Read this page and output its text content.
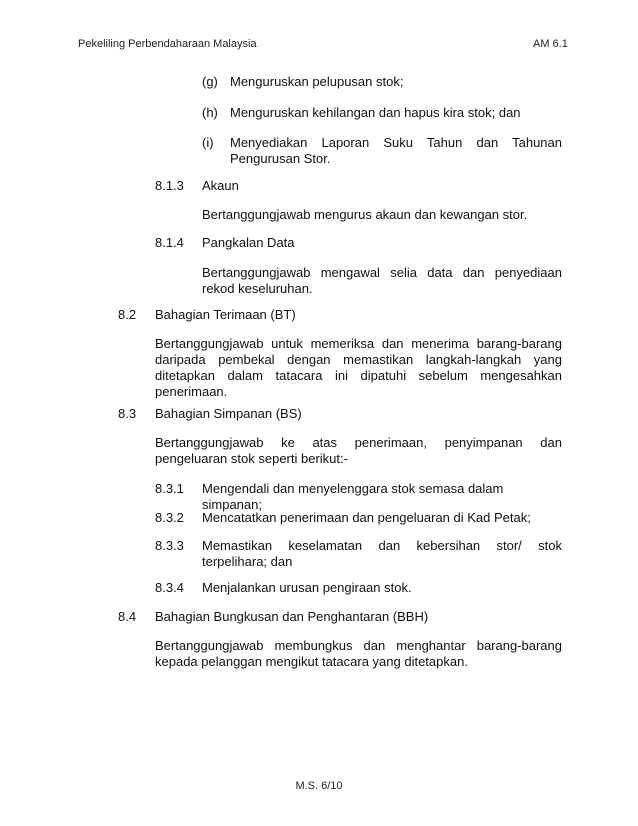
Pekeliling Perbendaharaan Malaysia	AM 6.1
(g) Menguruskan pelupusan stok;
(h) Menguruskan kehilangan dan hapus kira stok; dan
(i) Menyediakan Laporan Suku Tahun dan Tahunan Pengurusan Stor.
8.1.3 Akaun
Bertanggungjawab mengurus akaun dan kewangan stor.
8.1.4 Pangkalan Data
Bertanggungjawab mengawal selia data dan penyediaan rekod keseluruhan.
8.2 Bahagian Terimaan (BT)
Bertanggungjawab untuk memeriksa dan menerima barang-barang daripada pembekal dengan memastikan langkah-langkah yang ditetapkan dalam tatacara ini dipatuhi sebelum mengesahkan penerimaan.
8.3 Bahagian Simpanan (BS)
Bertanggungjawab ke atas penerimaan, penyimpanan dan pengeluaran stok seperti berikut:-
8.3.1 Mengendali dan menyelenggara stok semasa dalam simpanan;
8.3.2 Mencatatkan penerimaan dan pengeluaran di Kad Petak;
8.3.3 Memastikan keselamatan dan kebersihan stor/ stok terpelihara; dan
8.3.4 Menjalankan urusan pengiraan stok.
8.4 Bahagian Bungkusan dan Penghantaran (BBH)
Bertanggungjawab membungkus dan menghantar barang-barang kepada pelanggan mengikut tatacara yang ditetapkan.
M.S. 6/10
